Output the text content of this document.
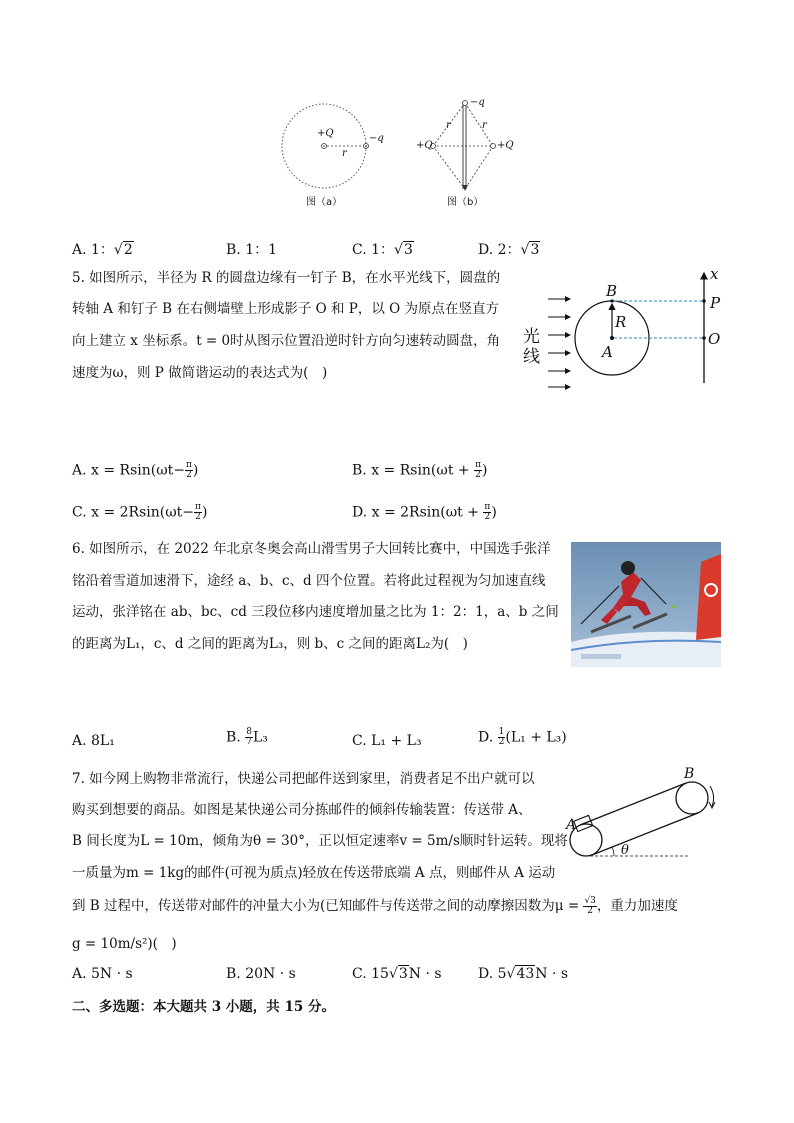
+Q	−q
r
图（a）
−q
+Q	+Q
r	r
图（b）
A. 1：√2	B. 1：1	C. 1：√3	D. 2：√3
5. 如图所示，半径为 R 的圆盘边缘有一钉子 B，在水平光线下，圆盘的
转轴 A 和钉子 B 在右侧墙壁上形成影子 O 和 P，以 O 为原点在竖直方
向上建立 x 坐标系。t = 0时从图示位置沿逆时针方向匀速转动圆盘，角
速度为ω，则 P 做简谐运动的表达式为(　)
光
线
B
R
A
x
P
O
A. $x = Rsin(\omega t- \frac{\pi}{2}$ )	B. $x = Rsin(\omega t + \frac{\pi}{2}$ )
C. $x = 2Rsin(\omega t- \frac{\pi}{2}$ )	D. $x = 2Rsin(\omega t + \frac{\pi}{2}$ )
6. 如图所示，在 2022 年北京冬奥会高山滑雪男子大回转比赛中，中国选手张洋
铭沿着雪道加速滑下，途经 a、b、c、d 四个位置。若将此过程视为匀加速直线
运动，张洋铭在 ab、bc、cd 三段位移内速度增加量之比为 1：2：1，a、b 之间
的距离为L₁，c、d 之间的距离为L₃，则 b、c 之间的距离L₂为(　)
A. 8L₁	B. $\frac{8}{7} L_3$	C. L₁ + L₃	D. $\frac{1}{2} (L_1 + L_3)$
7. 如今网上购物非常流行，快递公司把邮件送到家里，消费者足不出户就可以
购买到想要的商品。如图是某快递公司分拣邮件的倾斜传输装置：传送带 A、
B 间长度为L = 10m，倾角为θ = 30°，正以恒定速率v = 5m/s顺时针运转。现将
一质量为m = 1kg的邮件(可视为质点)轻放在传送带底端 A 点，则邮件从 A 运动
到 B 过程中，传送带对邮件的冲量大小为(已知邮件与传送带之间的动摩擦因数为$\mu = \frac{√3}{2}$ ，重力加速度
g = 10m/s²)(　)
A
B
θ
A. 5N · s	B. 20N · s	C. 15√3N · s	D. 5√43N · s
二、多选题：本大题共 3 小题，共 15 分。
